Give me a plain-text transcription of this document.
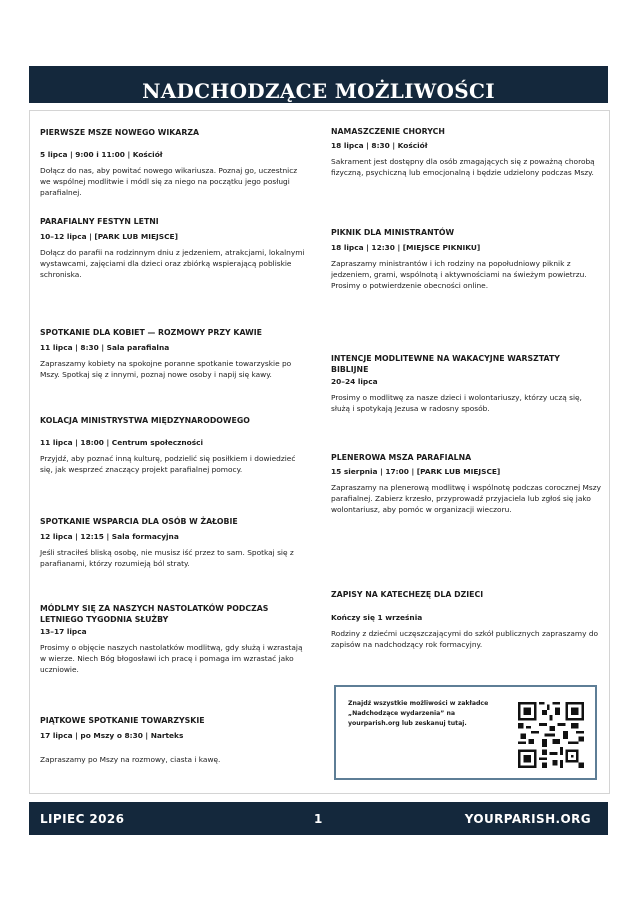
NADCHODZĄCE MOŻLIWOŚCI
PIERWSZE MSZE NOWEGO WIKARZA
5 lipca | 9:00 i 11:00 | Kościół
Dołącz do nas, aby powitać nowego wikariusza. Poznaj go, uczestnicz we wspólnej modlitwie i módl się za niego na początku jego posługi parafialnej.
PARAFIALNY FESTYN LETNI
10–12 lipca | [PARK LUB MIEJSCE]
Dołącz do parafii na rodzinnym dniu z jedzeniem, atrakcjami, lokalnymi wystawcami, zajęciami dla dzieci oraz zbiórką wspierającą pobliskie schroniska.
SPOTKANIE DLA KOBIET — ROZMOWY PRZY KAWIE
11 lipca | 8:30 | Sala parafialna
Zapraszamy kobiety na spokojne poranne spotkanie towarzyskie po Mszy. Spotkaj się z innymi, poznaj nowe osoby i napij się kawy.
KOLACJA MINISTRYSTWA MIĘDZYNARODOWEGO
11 lipca | 18:00 | Centrum społeczności
Przyjdź, aby poznać inną kulturę, podzielić się posiłkiem i dowiedzieć się, jak wesprzeć znaczący projekt parafialnej pomocy.
SPOTKANIE WSPARCIA DLA OSÓB W ŻAŁOBIE
12 lipca | 12:15 | Sala formacyjna
Jeśli straciłeś bliską osobę, nie musisz iść przez to sam. Spotkaj się z parafianami, którzy rozumieją ból straty.
MÓDLMY SIĘ ZA NASZYCH NASTOLATKÓW PODCZAS LETNIEGO TYGODNIA SŁUŻBY
13–17 lipca
Prosimy o objęcie naszych nastolatków modlitwą, gdy służą i wzrastają w wierze. Niech Bóg błogosławi ich pracę i pomaga im wzrastać jako uczniowie.
PIĄTKOWE SPOTKANIE TOWARZYSKIE
17 lipca | po Mszy o 8:30 | Narteks
Zapraszamy po Mszy na rozmowy, ciasta i kawę.
NAMASZCZENIE CHORYCH
18 lipca | 8:30 | Kościół
Sakrament jest dostępny dla osób zmagających się z poważną chorobą fizyczną, psychiczną lub emocjonalną i będzie udzielony podczas Mszy.
PIKNIK DLA MINISTRANTÓW
18 lipca | 12:30 | [MIEJSCE PIKNIKU]
Zapraszamy ministrantów i ich rodziny na popołudniowy piknik z jedzeniem, grami, wspólnotą i aktywnościami na świeżym powietrzu. Prosimy o potwierdzenie obecności online.
INTENCJE MODLITEWNE NA WAKACYJNE WARSZTATY BIBLIJNE
20–24 lipca
Prosimy o modlitwę za nasze dzieci i wolontariuszy, którzy uczą się, służą i spotykają Jezusa w radosny sposób.
PLENEROWA MSZA PARAFIALNA
15 sierpnia | 17:00 | [PARK LUB MIEJSCE]
Zapraszamy na plenerową modlitwę i wspólnotę podczas corocznej Mszy parafialnej. Zabierz krzesło, przyprowadź przyjaciela lub zgłoś się jako wolontariusz, aby pomóc w organizacji wieczoru.
ZAPISY NA KATECHEZĘ DLA DZIECI
Kończy się 1 września
Rodziny z dziećmi uczęszczającymi do szkół publicznych zapraszamy do zapisów na nadchodzący rok formacyjny.
Znajdź wszystkie możliwości w zakładce „Nadchodzące wydarzenia” na yourparish.org lub zeskanuj tutaj.
LIPIEC 2026	1	YOURPARISH.ORG
